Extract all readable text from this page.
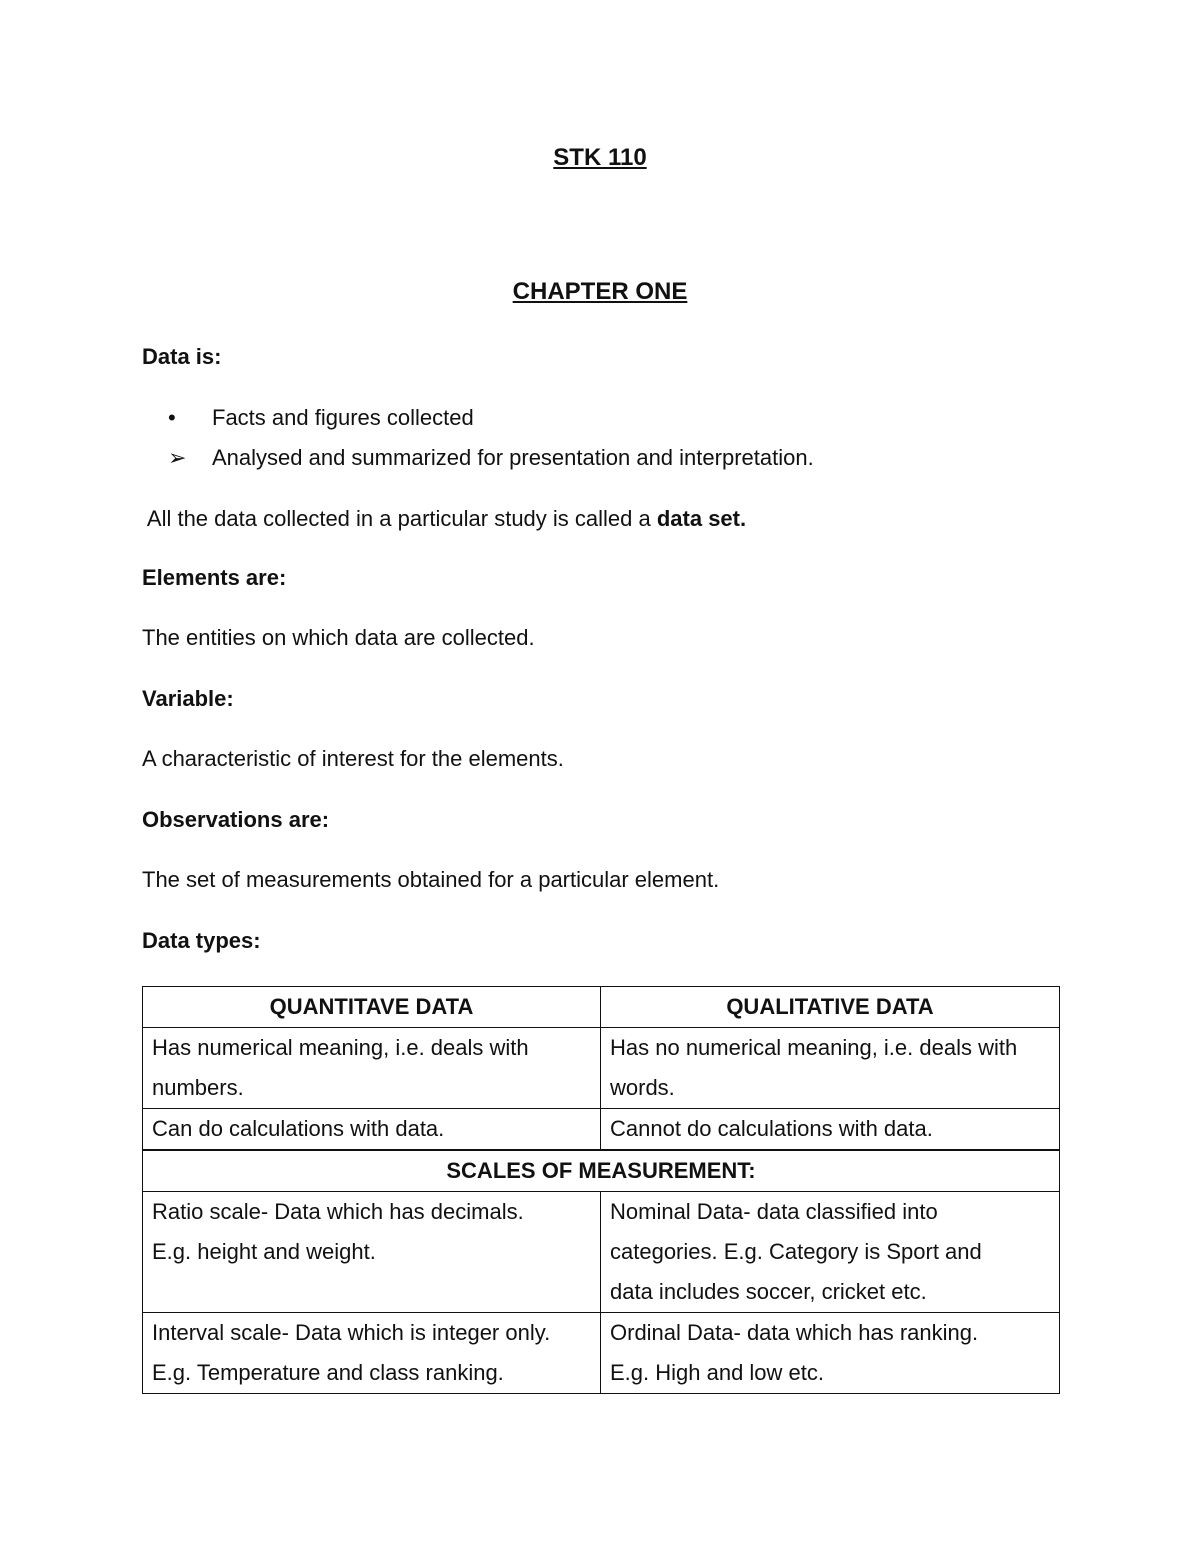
STK 110
CHAPTER ONE
Data is:
•	Facts and figures collected
➢	Analysed and summarized for presentation and interpretation.
All the data collected in a particular study is called a data set.
Elements are:
The entities on which data are collected.
Variable:
A characteristic of interest for the elements.
Observations are:
The set of measurements obtained for a particular element.
Data types:
QUANTITAVE DATA	QUALITATIVE DATA

Has numerical meaning, i.e. deals with
numbers.	Has no numerical meaning, i.e. deals with
words.

Can do calculations with data.	Cannot do calculations with data.
SCALES OF MEASUREMENT:	

Ratio scale- Data which has decimals.
E.g. height and weight.	Nominal Data- data classified into
categories. E.g. Category is Sport and
data includes soccer, cricket etc.

Interval scale- Data which is integer only.
E.g. Temperature and class ranking.	Ordinal Data- data which has ranking.
E.g. High and low etc.
